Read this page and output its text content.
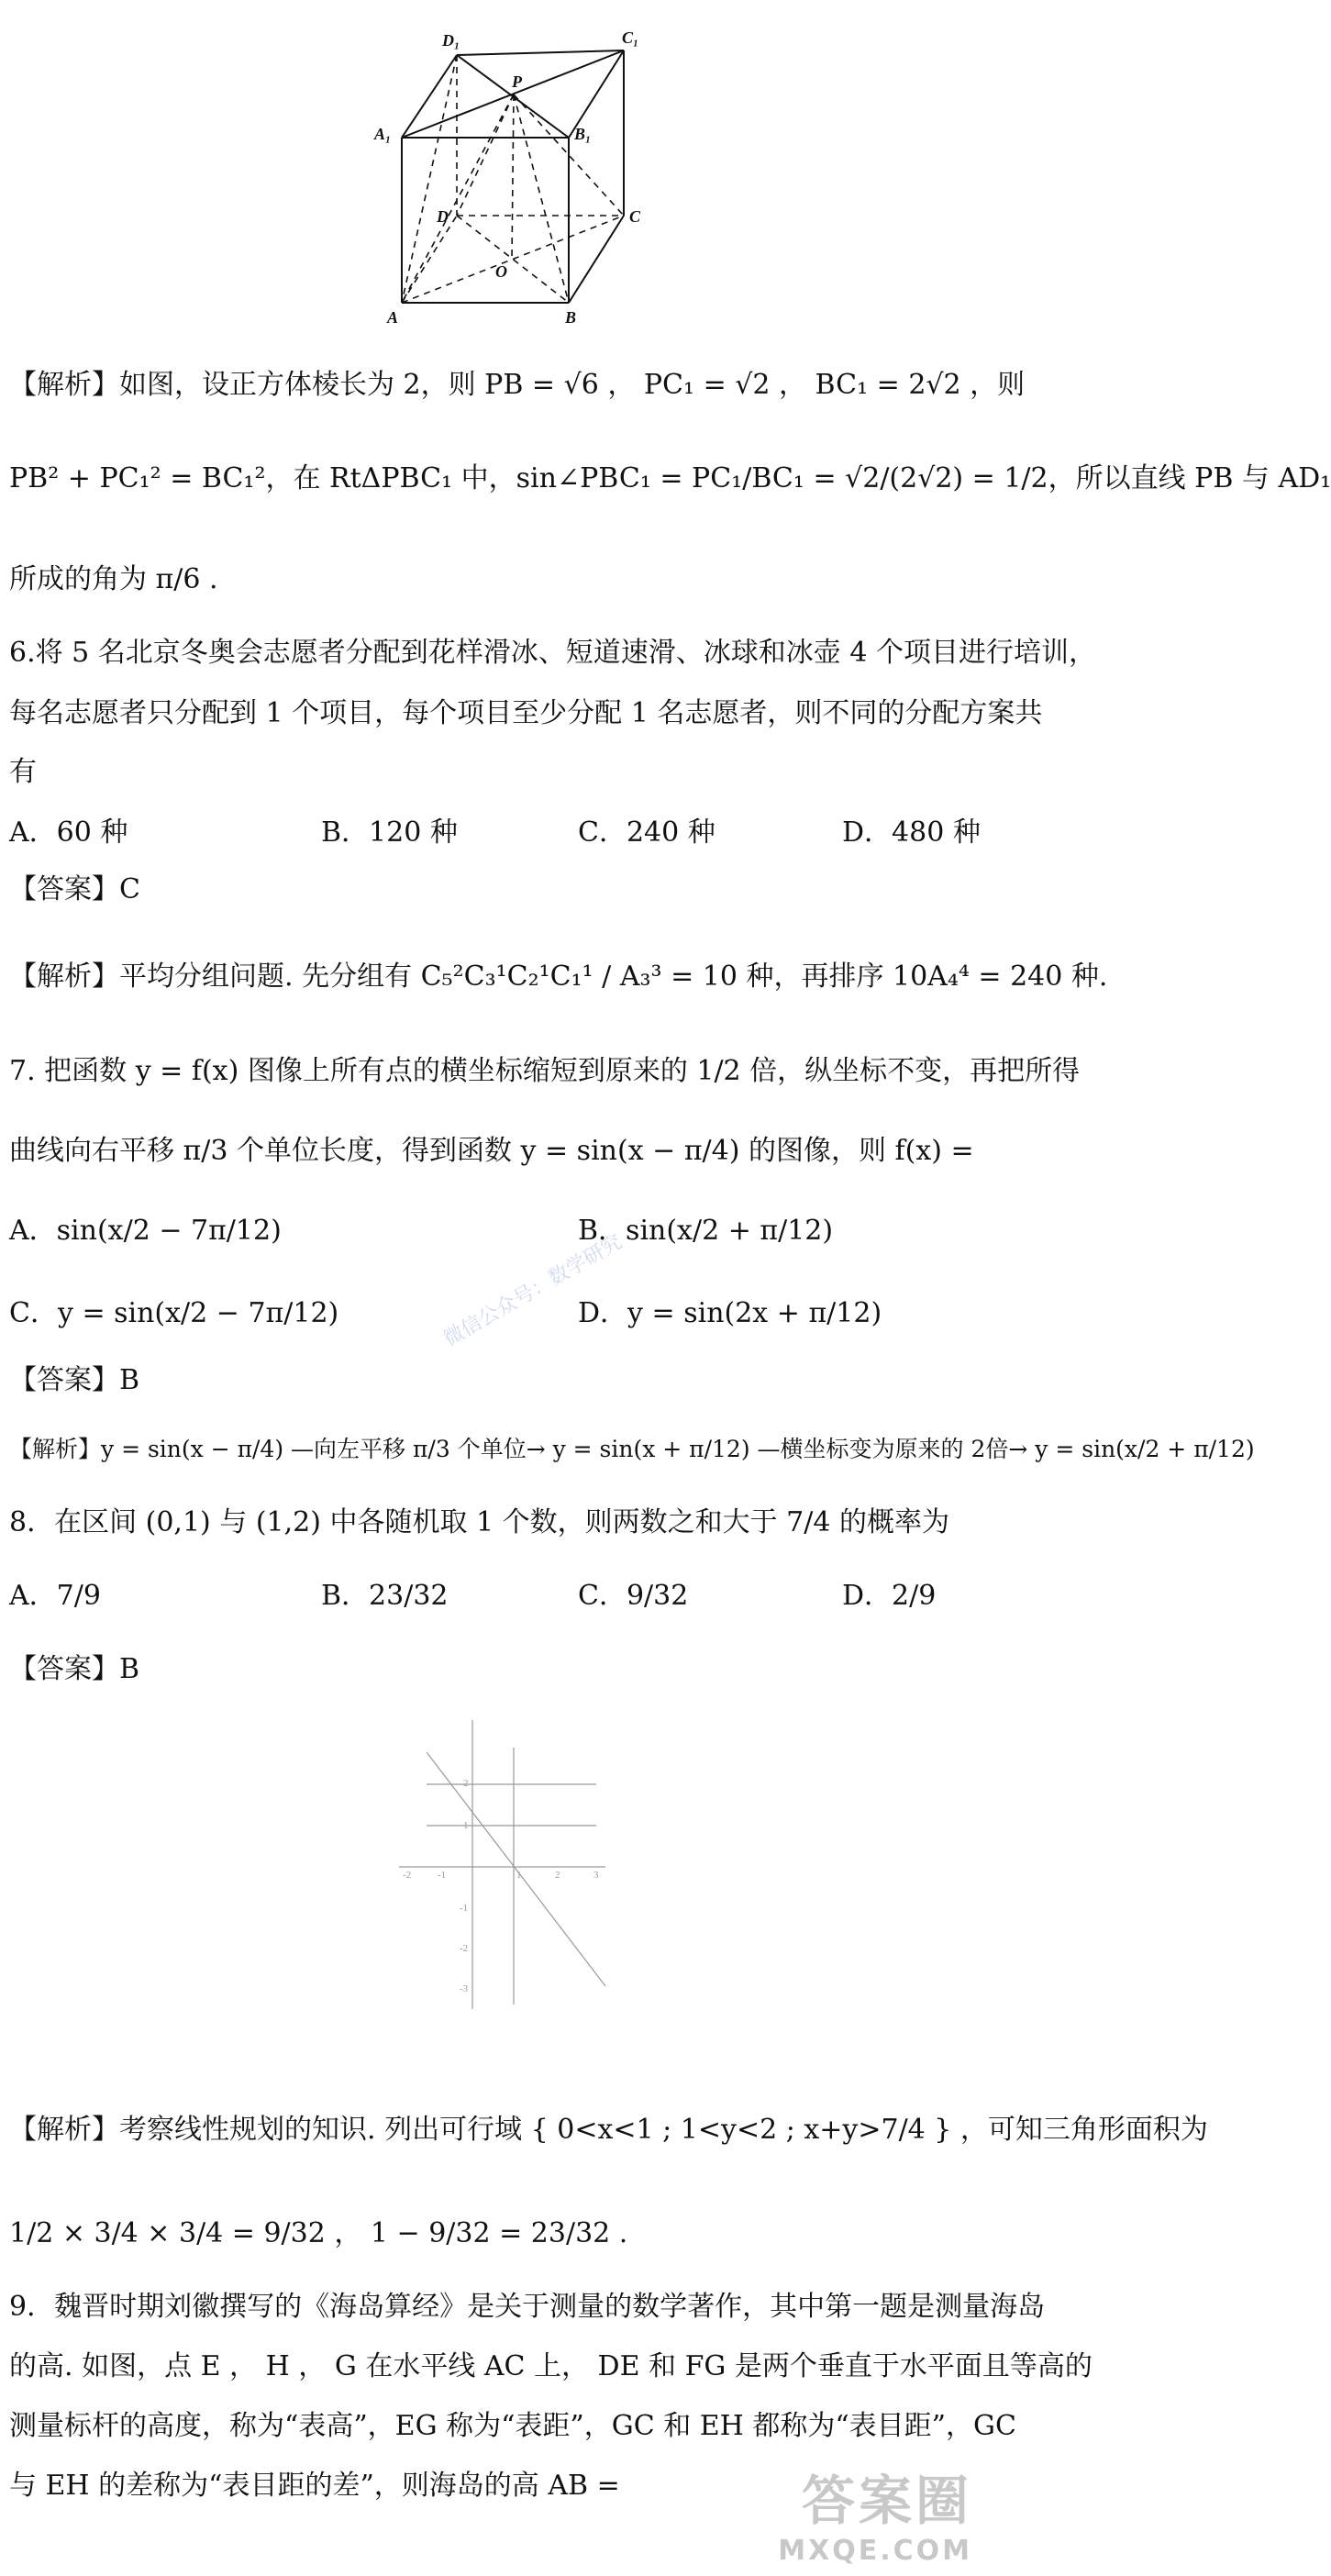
D₁	C₁
P
A₁	B₁
D	C
O
A	B
【解析】如图，设正方体棱长为 2，则 PB = √6 ， PC₁ = √2 ， BC₁ = 2√2 ，则
PB² + PC₁² = BC₁²，在 RtΔPBC₁ 中，sin∠PBC₁ = PC₁/BC₁ = √2/(2√2) = 1/2，所以直线 PB 与 AD₁
所成的角为 π/6 .
6.将 5 名北京冬奥会志愿者分配到花样滑冰、短道速滑、冰球和冰壶 4 个项目进行培训，
每名志愿者只分配到 1 个项目，每个项目至少分配 1 名志愿者，则不同的分配方案共
有
A．60 种	B．120 种	C．240 种	D．480 种
【答案】C
【解析】平均分组问题. 先分组有 C₅²C₃¹C₂¹C₁¹ / A₃³ = 10 种，再排序 10A₄⁴ = 240 种.
7. 把函数 y = f(x) 图像上所有点的横坐标缩短到原来的 1/2 倍，纵坐标不变，再把所得
曲线向右平移 π/3 个单位长度，得到函数 y = sin(x − π/4) 的图像，则 f(x) =
A．sin(x/2 − 7π/12)	B．sin(x/2 + π/12)
C．y = sin(x/2 − 7π/12)	D．y = sin(2x + π/12)
【答案】B
【解析】y = sin(x − π/4) —向左平移 π/3 个单位→ y = sin(x + π/12) —横坐标变为原来的 2倍→ y = sin(x/2 + π/12)
8．在区间 (0,1) 与 (1,2) 中各随机取 1 个数，则两数之和大于 7/4 的概率为
A．7/9	B．23/32	C．9/32	D．2/9
【答案】B
-2	-1	1	2	3
2
1
-1
-2
-3
【解析】考察线性规划的知识. 列出可行域 { 0<x<1 ; 1<y<2 ; x+y>7/4 } ，可知三角形面积为
1/2 × 3/4 × 3/4 = 9/32 ， 1 − 9/32 = 23/32 .
9．魏晋时期刘徽撰写的《海岛算经》是关于测量的数学著作，其中第一题是测量海岛
的高. 如图，点 E ， H ， G 在水平线 AC 上， DE 和 FG 是两个垂直于水平面且等高的
测量标杆的高度，称为“表高”，EG 称为“表距”，GC 和 EH 都称为“表目距”，GC
与 EH 的差称为“表目距的差”，则海岛的高 AB =
微信公众号：数学研究
答案圈
MXQE.COM
